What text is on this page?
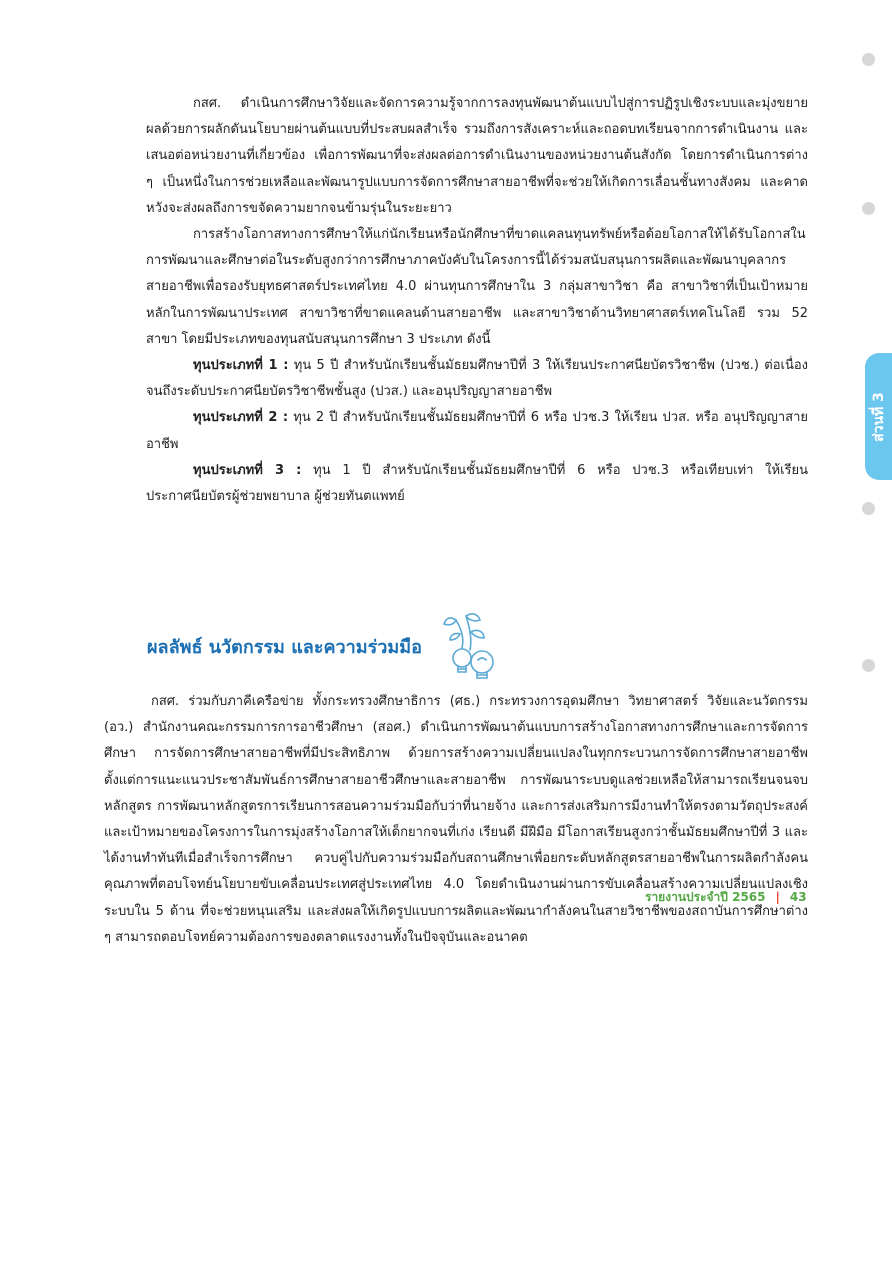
ส่วนที่ 3

กสศ. ดำเนินการศึกษาวิจัยและจัดการความรู้จากการลงทุนพัฒนาต้นแบบไปสู่การปฏิรูปเชิงระบบและมุ่งขยายผลด้วยการผลักดันนโยบายผ่านต้นแบบที่ประสบผลสำเร็จ รวมถึงการสังเคราะห์และถอดบทเรียนจากการดำเนินงาน และเสนอต่อหน่วยงานที่เกี่ยวข้อง เพื่อการพัฒนาที่จะส่งผลต่อการดำเนินงานของหน่วยงานต้นสังกัด โดยการดำเนินการต่าง ๆ เป็นหนึ่งในการช่วยเหลือและพัฒนารูปแบบการจัดการศึกษาสายอาชีพที่จะช่วยให้เกิดการเลื่อนชั้นทางสังคม และคาดหวังจะส่งผลถึงการขจัดความยากจนข้ามรุ่นในระยะยาว

การสร้างโอกาสทางการศึกษาให้แก่นักเรียนหรือนักศึกษาที่ขาดแคลนทุนทรัพย์หรือด้อยโอกาสให้ได้รับโอกาสในการพัฒนาและศึกษาต่อในระดับสูงกว่าการศึกษาภาคบังคับในโครงการนี้ได้ร่วมสนับสนุนการผลิตและพัฒนาบุคลากรสายอาชีพเพื่อรองรับยุทธศาสตร์ประเทศไทย 4.0 ผ่านทุนการศึกษาใน 3 กลุ่มสาขาวิชา คือ สาขาวิชาที่เป็นเป้าหมายหลักในการพัฒนาประเทศ สาขาวิชาที่ขาดแคลนด้านสายอาชีพ และสาขาวิชาด้านวิทยาศาสตร์เทคโนโลยี รวม 52 สาขา โดยมีประเภทของทุนสนับสนุนการศึกษา 3 ประเภท ดังนี้

ทุนประเภทที่ 1 : ทุน 5 ปี สำหรับนักเรียนชั้นมัธยมศึกษาปีที่ 3 ให้เรียนประกาศนียบัตรวิชาชีพ (ปวช.) ต่อเนื่องจนถึงระดับประกาศนียบัตรวิชาชีพชั้นสูง (ปวส.) และอนุปริญญาสายอาชีพ

ทุนประเภทที่ 2 : ทุน 2 ปี สำหรับนักเรียนชั้นมัธยมศึกษาปีที่ 6 หรือ ปวช.3 ให้เรียน ปวส. หรือ อนุปริญญาสายอาชีพ

ทุนประเภทที่ 3 : ทุน 1 ปี สำหรับนักเรียนชั้นมัธยมศึกษาปีที่ 6 หรือ ปวช.3 หรือเทียบเท่า ให้เรียนประกาศนียบัตรผู้ช่วยพยาบาล ผู้ช่วยทันตแพทย์

ผลลัพธ์ นวัตกรรม และความร่วมมือ

กสศ. ร่วมกับภาคีเครือข่าย ทั้งกระทรวงศึกษาธิการ (ศธ.) กระทรวงการอุดมศึกษา วิทยาศาสตร์ วิจัยและนวัตกรรม (อว.) สำนักงานคณะกรรมการการอาชีวศึกษา (สอศ.) ดำเนินการพัฒนาต้นแบบการสร้างโอกาสทางการศึกษาและการจัดการศึกษา การจัดการศึกษาสายอาชีพที่มีประสิทธิภาพ ด้วยการสร้างความเปลี่ยนแปลงในทุกกระบวนการจัดการศึกษาสายอาชีพ ตั้งแต่การแนะแนวประชาสัมพันธ์การศึกษาสายอาชีวศึกษาและสายอาชีพ การพัฒนาระบบดูแลช่วยเหลือให้สามารถเรียนจนจบหลักสูตร การพัฒนาหลักสูตรการเรียนการสอนความร่วมมือกับว่าที่นายจ้าง และการส่งเสริมการมีงานทำให้ตรงตามวัตถุประสงค์และเป้าหมายของโครงการในการมุ่งสร้างโอกาสให้เด็กยากจนที่เก่ง เรียนดี มีฝีมือ มีโอกาสเรียนสูงกว่าชั้นมัธยมศึกษาปีที่ 3 และได้งานทำทันทีเมื่อสำเร็จการศึกษา ควบคู่ไปกับความร่วมมือกับสถานศึกษาเพื่อยกระดับหลักสูตรสายอาชีพในการผลิตกำลังคนคุณภาพที่ตอบโจทย์นโยบายขับเคลื่อนประเทศสู่ประเทศไทย 4.0 โดยดำเนินงานผ่านการขับเคลื่อนสร้างความเปลี่ยนแปลงเชิงระบบใน 5 ด้าน ที่จะช่วยหนุนเสริม และส่งผลให้เกิดรูปแบบการผลิตและพัฒนากำลังคนในสายวิชาชีพของสถาบันการศึกษาต่าง ๆ สามารถตอบโจทย์ความต้องการของตลาดแรงงานทั้งในปัจจุบันและอนาคต

รายงานประจำปี 2565 | 43
